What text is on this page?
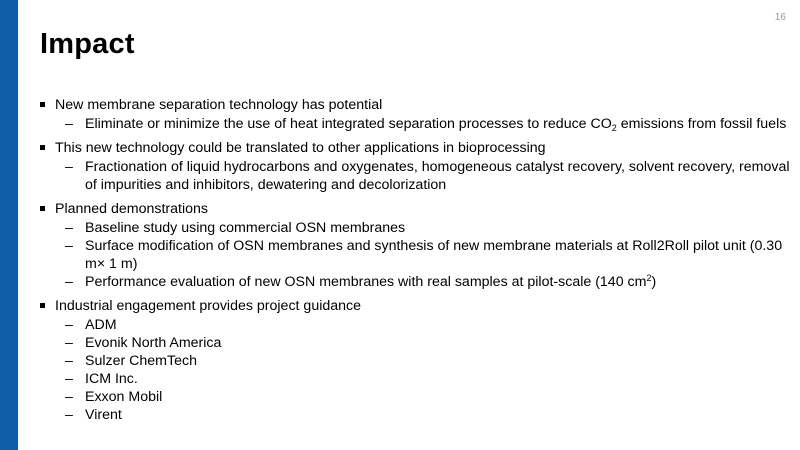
16
Impact
New membrane separation technology has potential
– Eliminate or minimize the use of heat integrated separation processes to reduce $CO_2$ emissions from fossil fuels
This new technology could be translated to other applications in bioprocessing
– Fractionation of liquid hydrocarbons and oxygenates, homogeneous catalyst recovery, solvent recovery, removal of impurities and inhibitors, dewatering and decolorization
Planned demonstrations
– Baseline study using commercial OSN membranes
– Surface modification of OSN membranes and synthesis of new membrane materials at Roll2Roll pilot unit (0.30 m× 1 m)
– Performance evaluation of new OSN membranes with real samples at pilot-scale (140 $cm^2$)
Industrial engagement provides project guidance
– ADM
– Evonik North America
– Sulzer ChemTech
– ICM Inc.
– Exxon Mobil
– Virent
